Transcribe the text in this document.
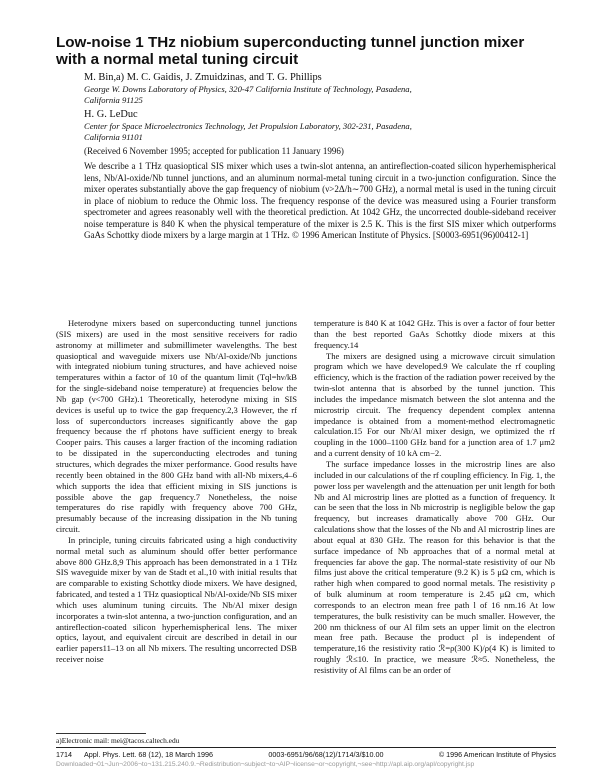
Low-noise 1 THz niobium superconducting tunnel junction mixer
with a normal metal tuning circuit
M. Bin,a) M. C. Gaidis, J. Zmuidzinas, and T. G. Phillips
George W. Downs Laboratory of Physics, 320-47 California Institute of Technology, Pasadena,
California 91125
H. G. LeDuc
Center for Space Microelectronics Technology, Jet Propulsion Laboratory, 302-231, Pasadena,
California 91101
(Received 6 November 1995; accepted for publication 11 January 1996)

We describe a 1 THz quasioptical SIS mixer which uses a twin-slot antenna, an antireflection-coated silicon hyperhemispherical lens, Nb/Al-oxide/Nb tunnel junctions, and an aluminum normal-metal tuning circuit in a two-junction configuration. Since the mixer operates substantially above the gap frequency of niobium (ν>2Δ/h∼700 GHz), a normal metal is used in the tuning circuit in place of niobium to reduce the Ohmic loss. The frequency response of the device was measured using a Fourier transform spectrometer and agrees reasonably well with the theoretical prediction. At 1042 GHz, the uncorrected double-sideband receiver noise temperature is 840 K when the physical temperature of the mixer is 2.5 K. This is the first SIS mixer which outperforms GaAs Schottky diode mixers by a large margin at 1 THz. © 1996 American Institute of Physics. [S0003-6951(96)00412-1]

Heterodyne mixers based on superconducting tunnel junctions (SIS mixers) are used in the most sensitive receivers for radio astronomy at millimeter and submillimeter wavelengths. The best quasioptical and waveguide mixers use Nb/Al-oxide/Nb junctions with integrated niobium tuning structures, and have achieved noise temperatures within a factor of 10 of the quantum limit (Tql=hν/kB for the single-sideband noise temperature) at frequencies below the Nb gap (ν<700 GHz).1 Theoretically, heterodyne mixing in SIS devices is useful up to twice the gap frequency.2,3 However, the rf loss of superconductors increases significantly above the gap frequency because the rf photons have sufficient energy to break Cooper pairs. This causes a larger fraction of the incoming radiation to be dissipated in the superconducting electrodes and tuning structures, which degrades the mixer performance. Good results have recently been obtained in the 800 GHz band with all-Nb mixers,4–6 which supports the idea that efficient mixing in SIS junctions is possible above the gap frequency.7 Nonetheless, the noise temperatures do rise rapidly with frequency above 700 GHz, presumably because of the increasing dissipation in the Nb tuning circuit.

In principle, tuning circuits fabricated using a high conductivity normal metal such as aluminum should offer better performance above 800 GHz.8,9 This approach has been demonstrated in a 1 THz SIS waveguide mixer by van de Stadt et al.,10 with initial results that are comparable to existing Schottky diode mixers. We have designed, fabricated, and tested a 1 THz quasioptical Nb/Al-oxide/Nb SIS mixer which uses aluminum tuning circuits. The Nb/Al mixer design incorporates a twin-slot antenna, a two-junction configuration, and an antireflection-coated silicon hyperhemispherical lens. The mixer optics, layout, and equivalent circuit are described in detail in our earlier papers11–13 on all Nb mixers. The resulting uncorrected DSB receiver noise

temperature is 840 K at 1042 GHz. This is over a factor of four better than the best reported GaAs Schottky diode mixers at this frequency.14

The mixers are designed using a microwave circuit simulation program which we have developed.9 We calculate the rf coupling efficiency, which is the fraction of the radiation power received by the twin-slot antenna that is absorbed by the tunnel junction. This includes the impedance mismatch between the slot antenna and the microstrip circuit. The frequency dependent complex antenna impedance is obtained from a moment-method electromagnetic calculation.15 For our Nb/Al mixer design, we optimized the rf coupling in the 1000–1100 GHz band for a junction area of 1.7 μm2 and a current density of 10 kA cm−2.

The surface impedance losses in the microstrip lines are also included in our calculations of the rf coupling efficiency. In Fig. 1, the power loss per wavelength and the attenuation per unit length for both Nb and Al microstrip lines are plotted as a function of frequency. It can be seen that the loss in Nb microstrip is negligible below the gap frequency, but increases dramatically above 700 GHz. Our calculations show that the losses of the Nb and Al microstrip lines are about equal at 830 GHz. The reason for this behavior is that the surface impedance of Nb approaches that of a normal metal at frequencies far above the gap. The normal-state resistivity of our Nb films just above the critical temperature (9.2 K) is 5 μΩ cm, which is rather high when compared to good normal metals. The resistivity ρ of bulk aluminum at room temperature is 2.45 μΩ cm, which corresponds to an electron mean free path l of 16 nm.16 At low temperatures, the bulk resistivity can be much smaller. However, the 200 nm thickness of our Al film sets an upper limit on the electron mean free path. Because the product ρl is independent of temperature,16 the resistivity ratio ℛ=ρ(300 K)/ρ(4 K) is limited to roughly ℛ≤10. In practice, we measure ℛ≈5. Nonetheless, the resistivity of Al films can be an order of

a)Electronic mail: mei@tacos.caltech.edu
1714 Appl. Phys. Lett. 68 (12), 18 March 1996	0003-6951/96/68(12)/1714/3/$10.00	© 1996 American Institute of Physics
Downloaded¬01¬Jun¬2006¬to¬131.215.240.9.¬Redistribution¬subject¬to¬AIP¬license¬or¬copyright,¬see¬http://apl.aip.org/apl/copyright.jsp
